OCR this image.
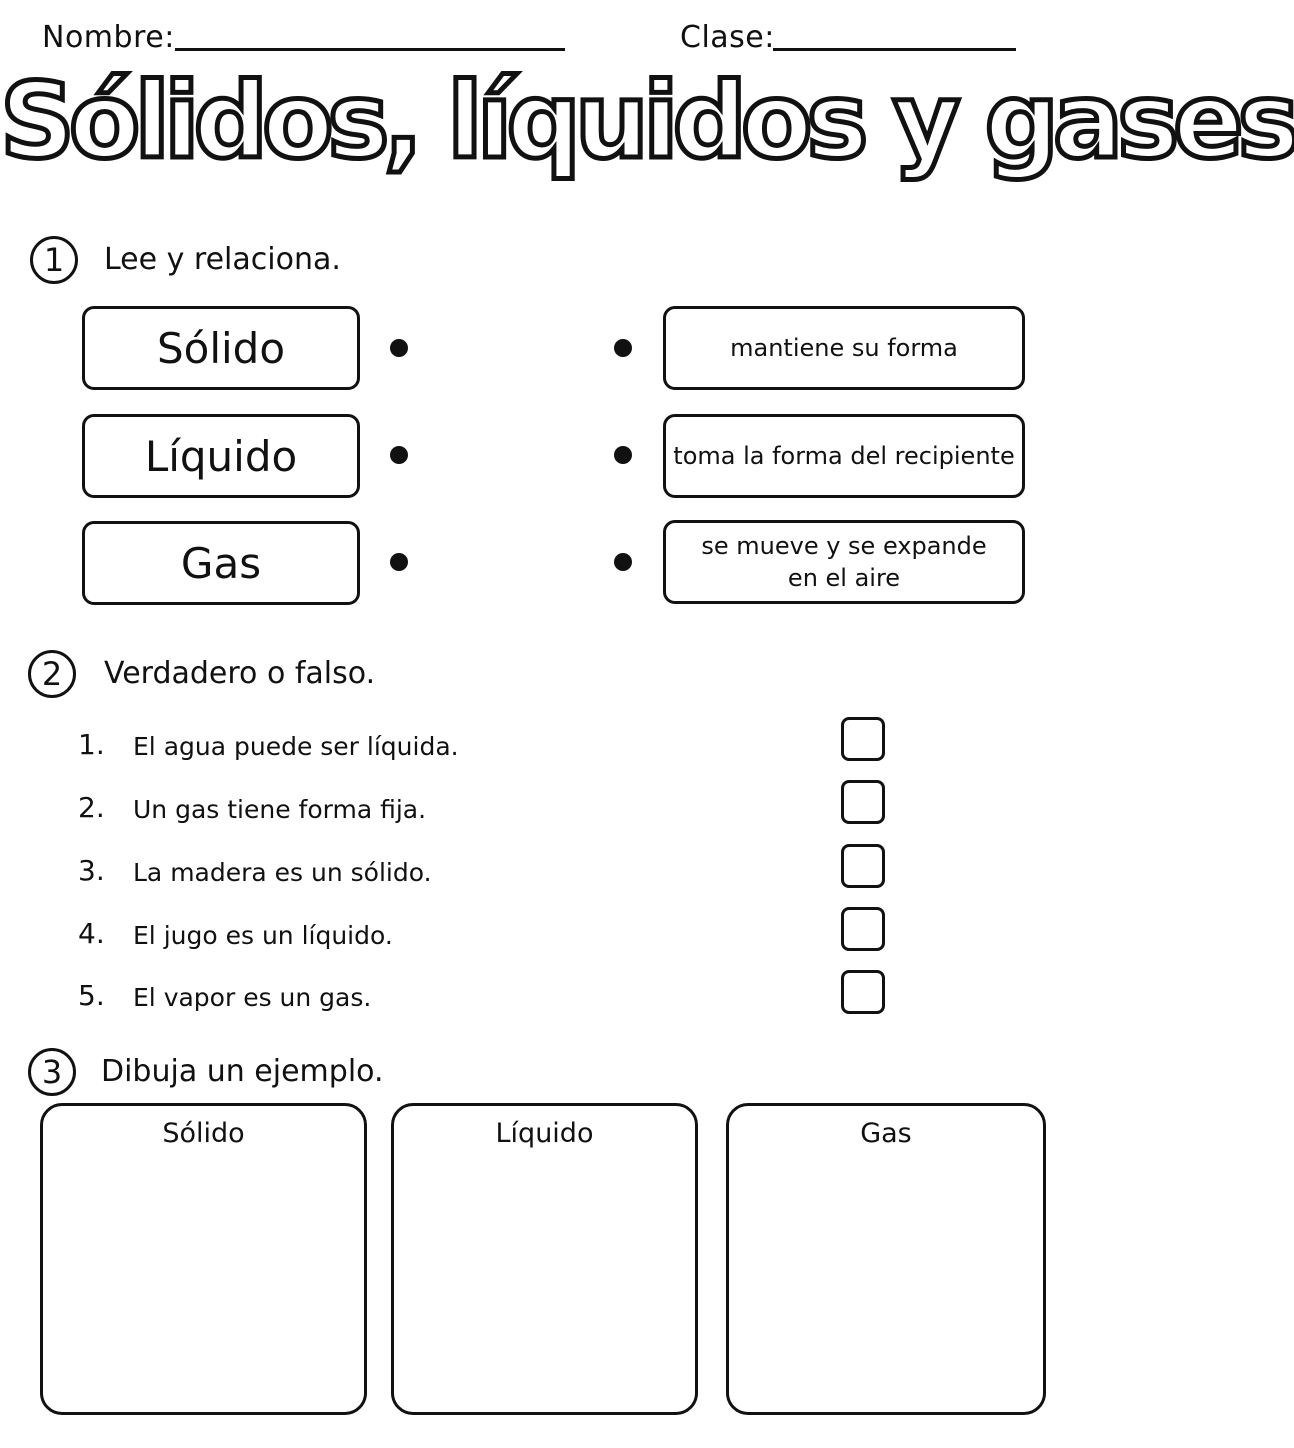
Nombre:	Clase:
Sólidos, líquidos y gases
1	Lee y relaciona.
Sólido
Líquido
Gas
mantiene su forma
toma la forma del recipiente
se mueve y se expande
en el aire
2	Verdadero o falso.
1.	El agua puede ser líquida.
2.	Un gas tiene forma fija.
3.	La madera es un sólido.
4.	El jugo es un líquido.
5.	El vapor es un gas.
3	Dibuja un ejemplo.
Sólido	Líquido	Gas
